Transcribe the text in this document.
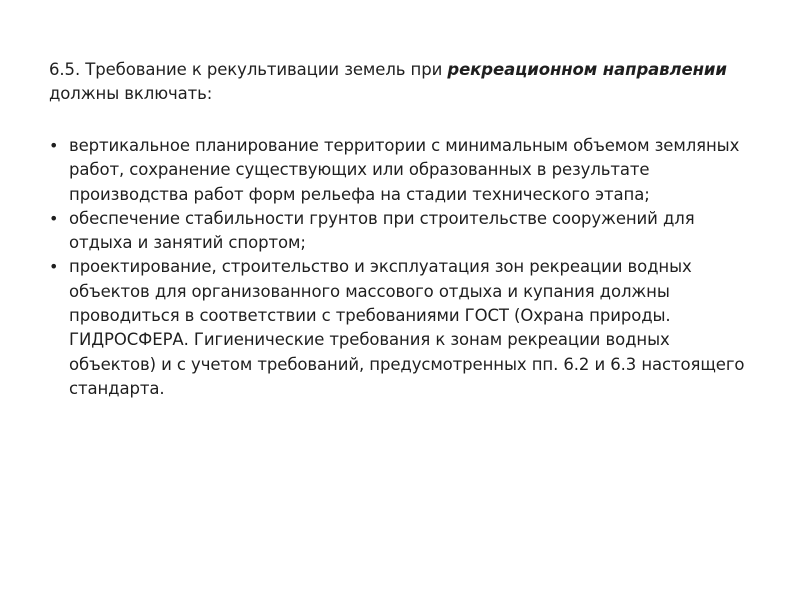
6.5. Требование к рекультивации земель при рекреационном направлении
должны включать:

• вертикальное планирование территории с минимальным объемом земляных работ, сохранение существующих или образованных в результате производства работ форм рельефа на стадии технического этапа;
• обеспечение стабильности грунтов при строительстве сооружений для отдыха и занятий спортом;
• проектирование, строительство и эксплуатация зон рекреации водных объектов для организованного массового отдыха и купания должны проводиться в соответствии с требованиями ГОСТ (Охрана природы. ГИДРОСФЕРА. Гигиенические требования к зонам рекреации водных объектов) и с учетом требований, предусмотренных пп. 6.2 и 6.3 настоящего стандарта.
